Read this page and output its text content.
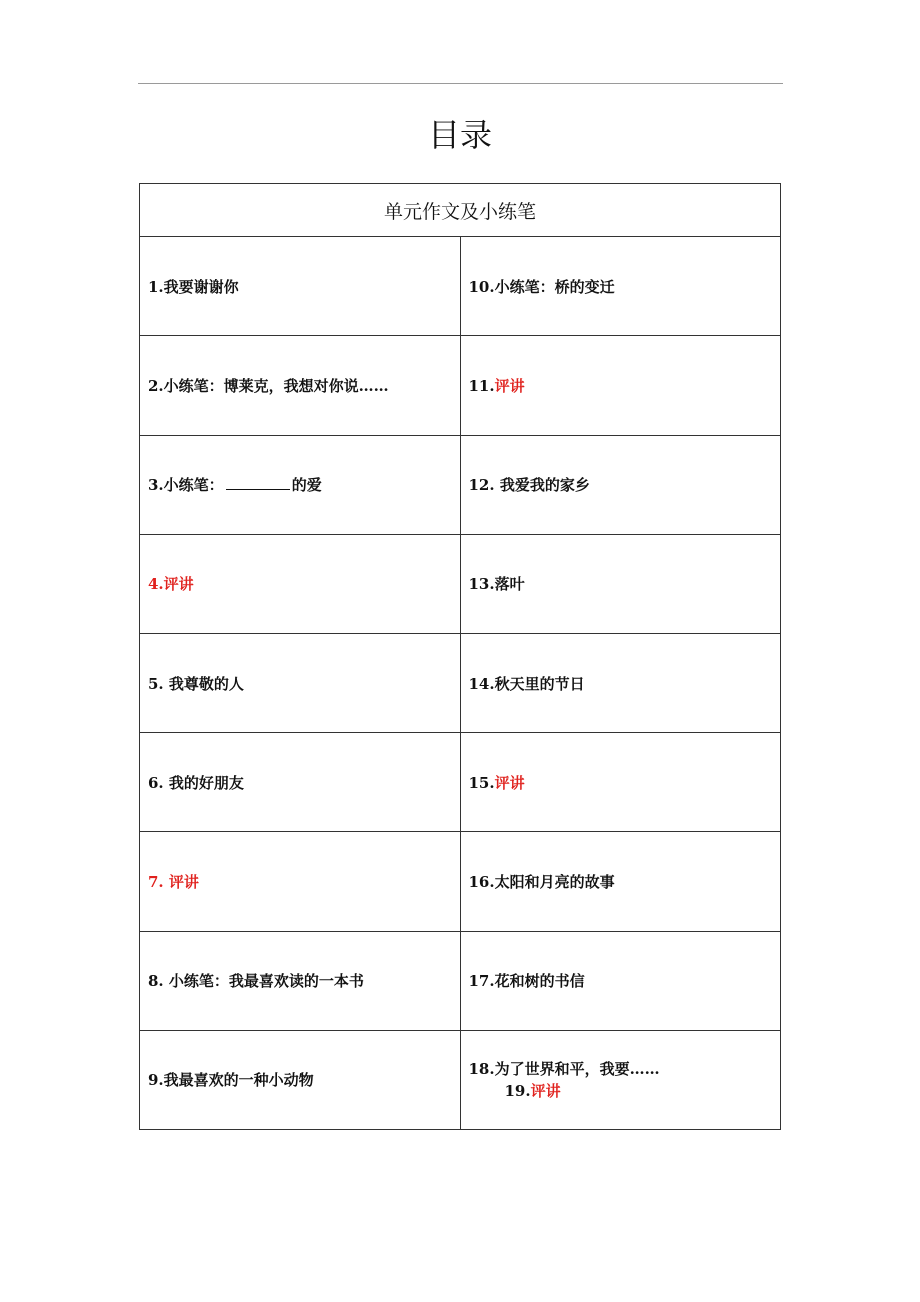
目录
单元作文及小练笔	
1.我要谢谢你	10.小练笔：桥的变迁
2.小练笔：博莱克，我想对你说……	11.评讲
3.小练笔： 的爱	12. 我爱我的家乡
4.评讲	13.落叶
5. 我尊敬的人	14.秋天里的节日
6. 我的好朋友	15.评讲
7. 评讲	16.太阳和月亮的故事
8. 小练笔：我最喜欢读的一本书	17.花和树的书信
9.我最喜欢的一种小动物	18.为了世界和平，我要……
19.评讲
